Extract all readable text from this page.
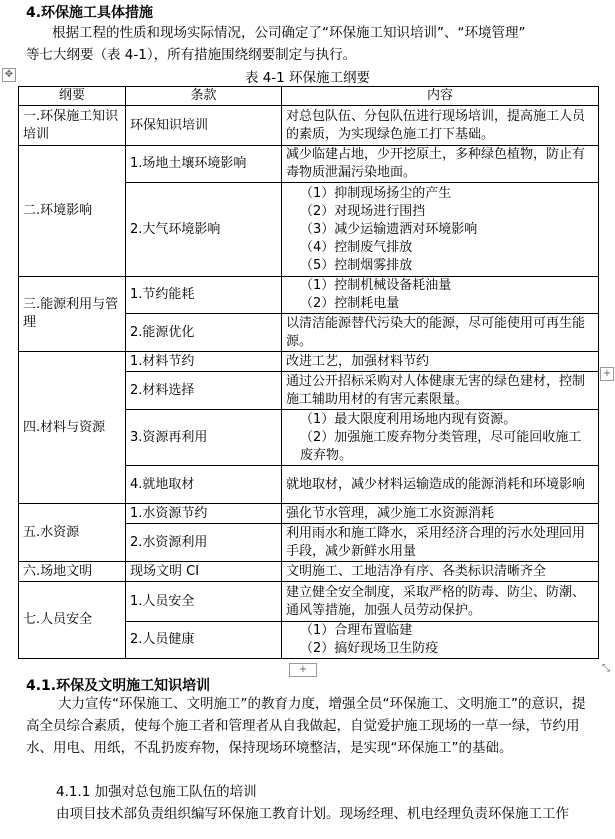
4.环保施工具体措施
根据工程的性质和现场实际情况，公司确定了“环保施工知识培训”、“环境管理”
等七大纲要（表 4-1），所有措施围绕纲要制定与执行。
✥	表 4-1 环保施工纲要
纲要	条款	内容
一.环保施工知识培训	环保知识培训	对总包队伍、分包队伍进行现场培训，提高施工人员的素质，为实现绿色施工打下基础。
二.环境影响	1.场地土壤环境影响	减少临建占地，少开挖原土，多种绿色植物，防止有毒物质泄漏污染地面。
	2.大气环境影响	（1）抑制现场扬尘的产生
（2）对现场进行围挡
（3）减少运输遗洒对环境影响
（4）控制废气排放
（5）控制烟雾排放

三.能源利用与管理	1.节约能耗	（1）控制机械设备耗油量
（2）控制耗电量

	2.能源优化	以清洁能源替代污染大的能源，尽可能使用可再生能源。
四.材料与资源	1.材料节约	改进工艺，加强材料节约
	2.材料选择	通过公开招标采购对人体健康无害的绿色建材，控制施工辅助用材的有害元素限量。
	3.资源再利用	（1）最大限度利用场地内现有资源。
（2）加强施工废弃物分类管理，尽可能回收施工废弃物。

	4.就地取材	就地取材，减少材料运输造成的能源消耗和环境影响
五.水资源	1.水资源节约	强化节水管理，减少施工水资源消耗
	2.水资源利用	利用雨水和施工降水，采用经济合理的污水处理回用手段，减少新鲜水用量
六.场地文明	现场文明 CI	文明施工、工地洁净有序、各类标识清晰齐全
七.人员安全	1.人员安全	建立健全安全制度，采取严格的防毒、防尘、防潮、通风等措施，加强人员劳动保护。
	2.人员健康	（1）合理布置临建
（2）搞好现场卫生防疫
+
+	⤡
4.1.环保及文明施工知识培训
大力宣传“环保施工、文明施工”的教育力度，增强全员“环保施工、文明施工”的意识，提高全员综合素质，使每个施工者和管理者从自我做起，自觉爱护施工现场的一草一绿，节约用水、用电、用纸，不乱扔废弃物，保持现场环境整洁，是实现“环保施工”的基础。
4.1.1 加强对总包施工队伍的培训
由项目技术部负责组织编写环保施工教育计划。现场经理、机电经理负责环保施工工作
